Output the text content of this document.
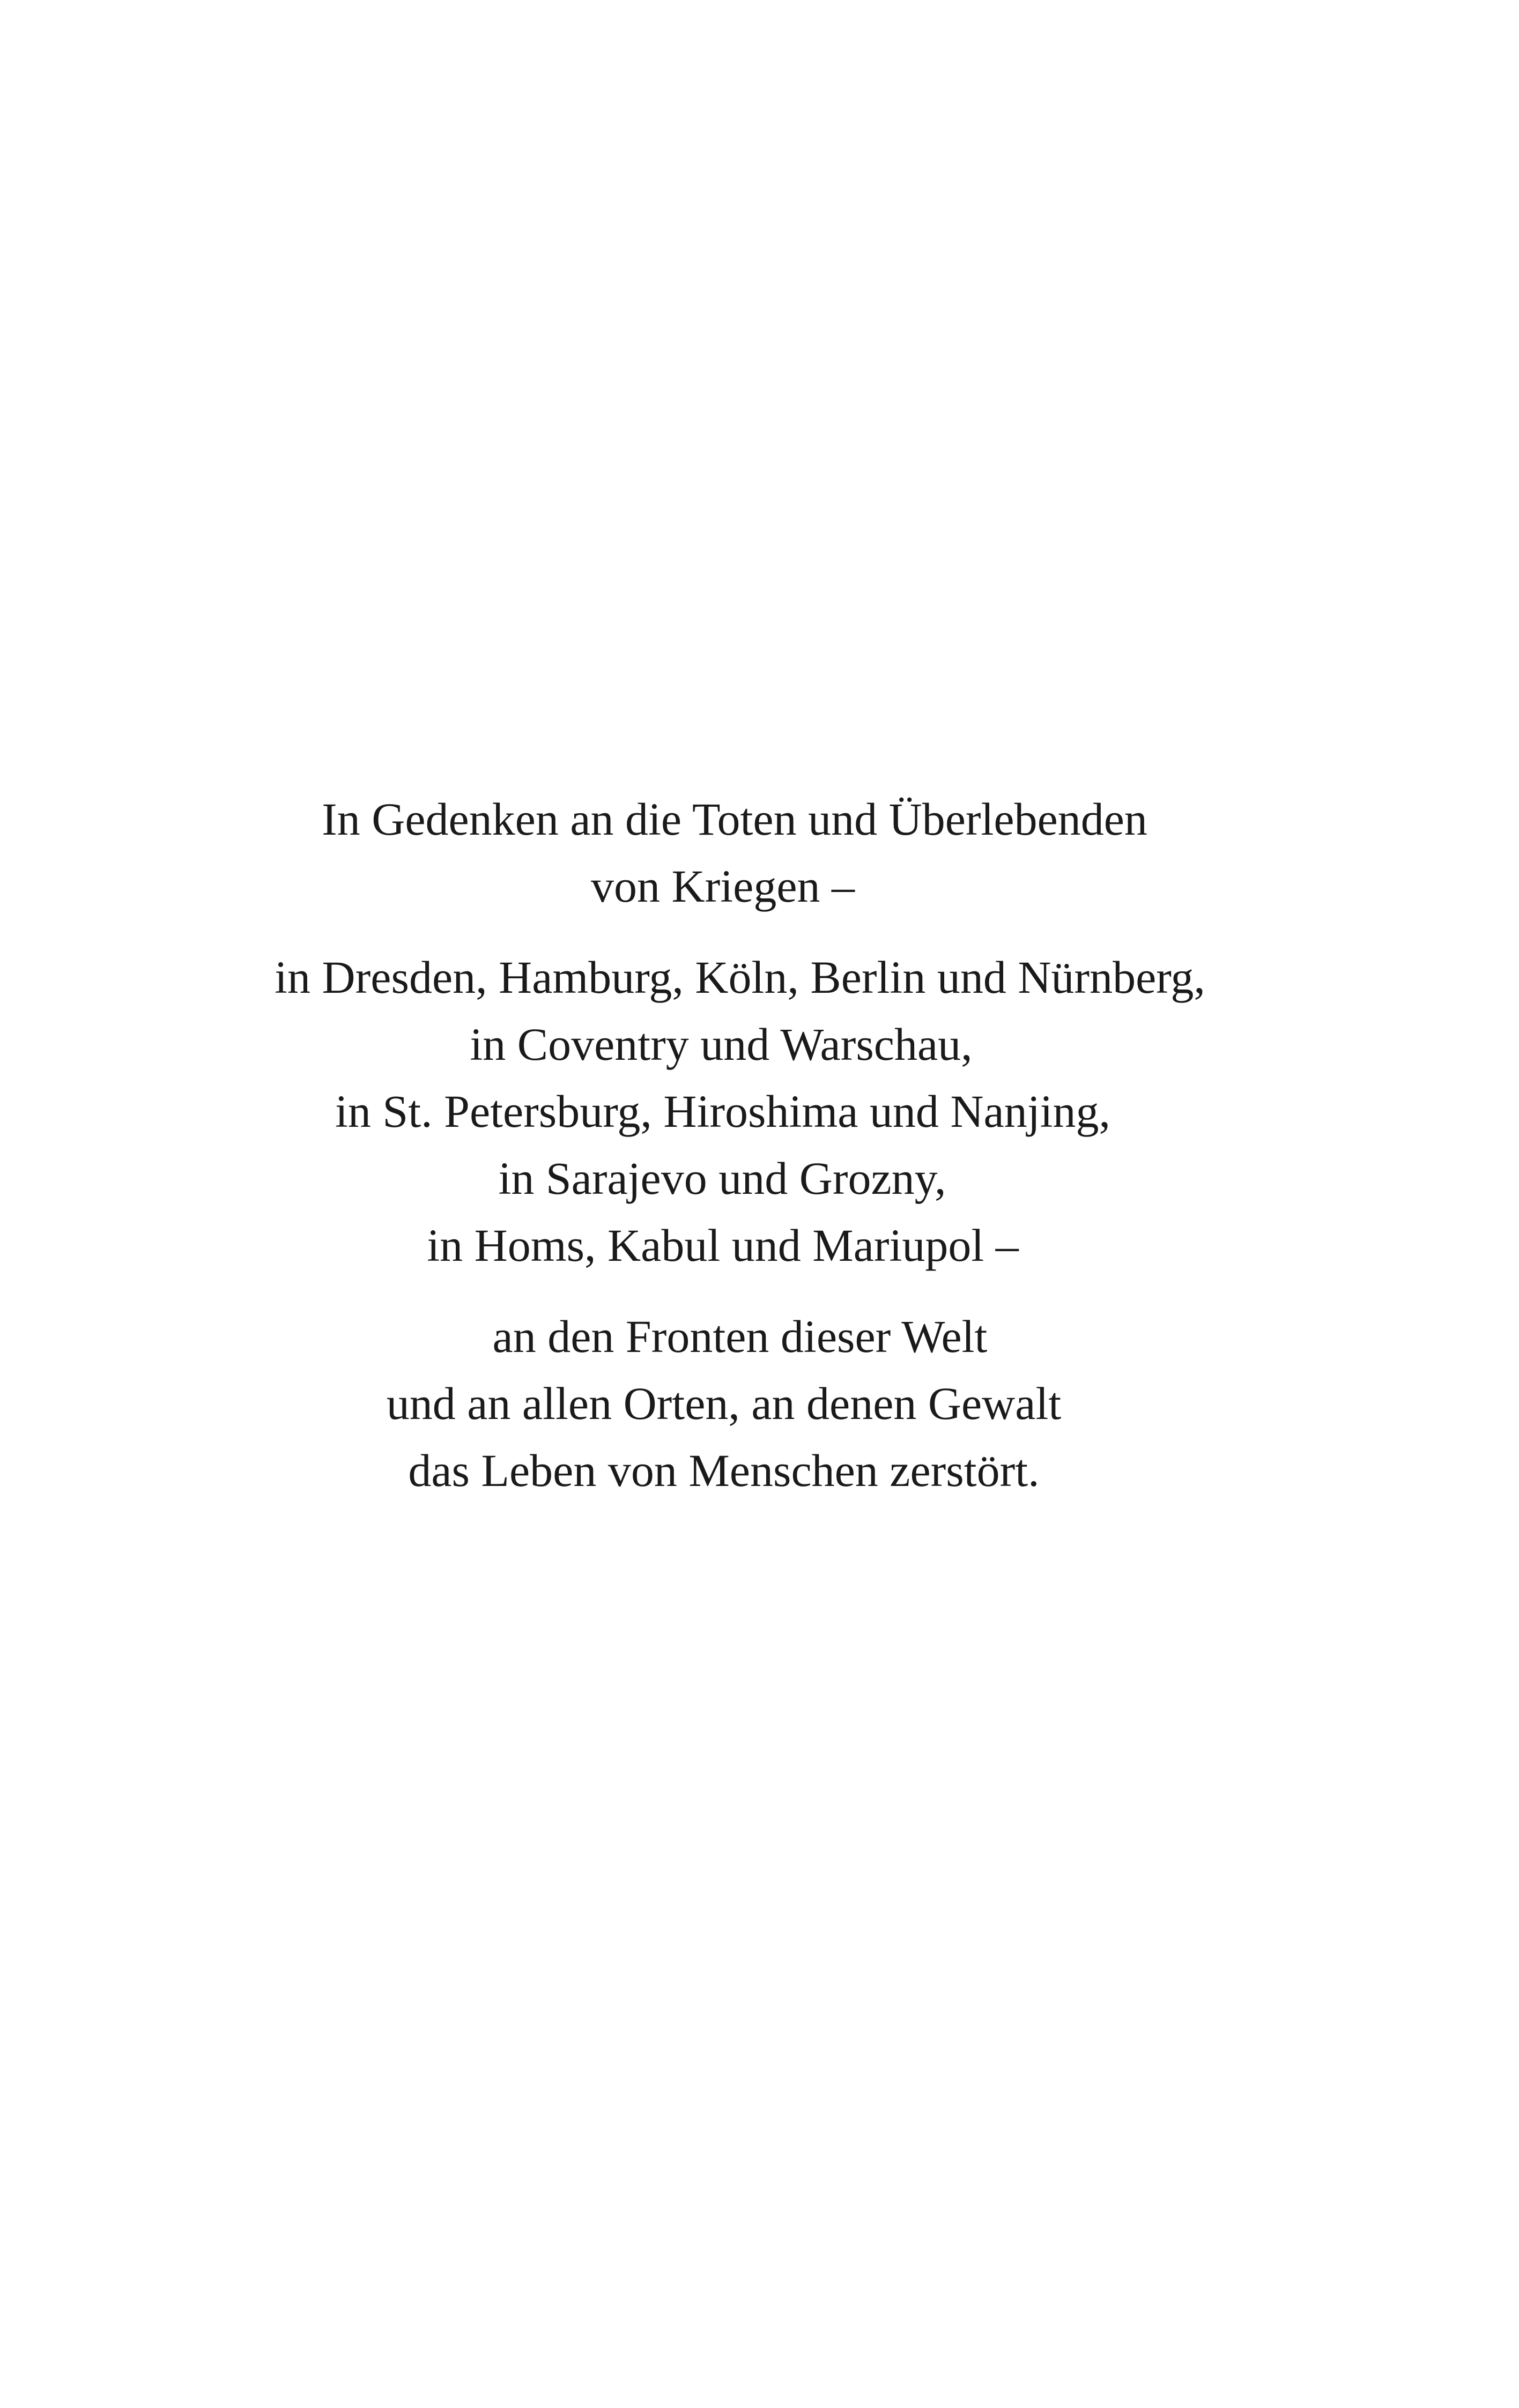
In Gedenken an die Toten und Überlebenden
von Kriegen –
in Dresden, Hamburg, Köln, Berlin und Nürnberg,
in Coventry und Warschau,
in St. Petersburg, Hiroshima und Nanjing,
in Sarajevo und Grozny,
in Homs, Kabul und Mariupol –
an den Fronten dieser Welt
und an allen Orten, an denen Gewalt
das Leben von Menschen zerstört.
